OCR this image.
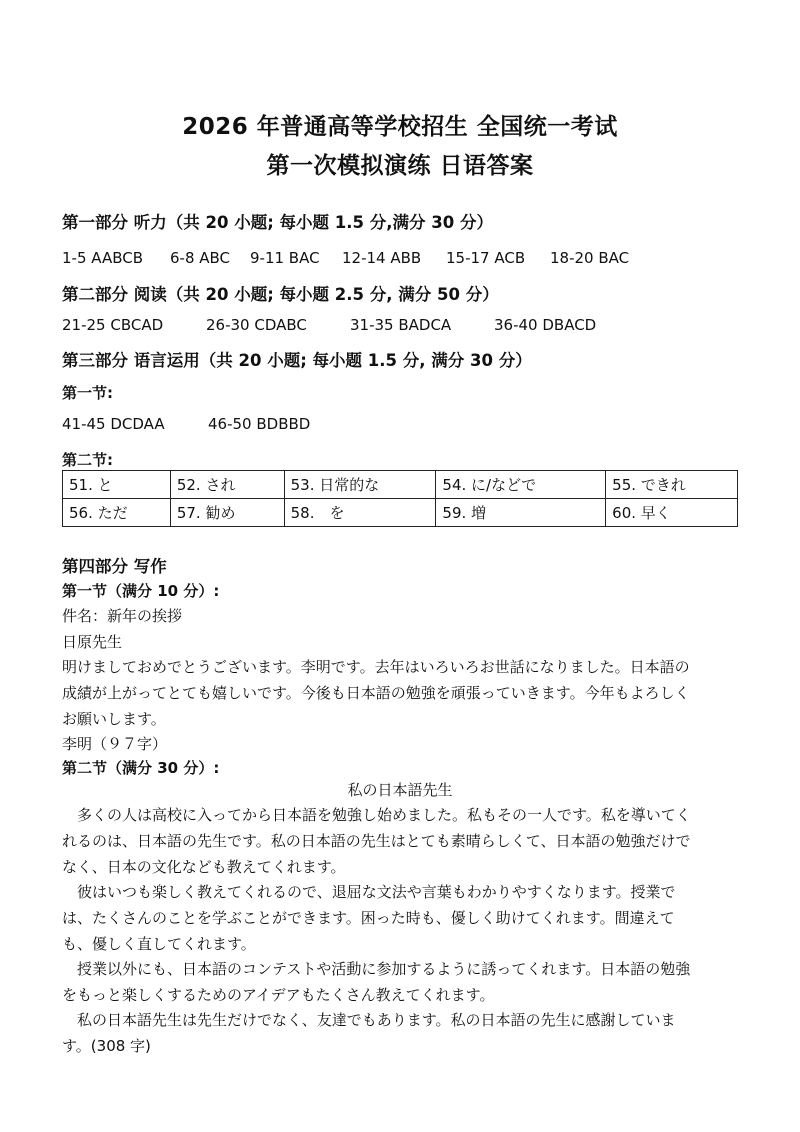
2026 年普通高等学校招生 全国统一考试
第一次模拟演练 日语答案
第一部分 听力（共 20 小题; 每小题 1.5 分,满分 30 分）
1-5 AABCB 6-8 ABC 9-11 BAC 12-14 ABB 15-17 ACB 18-20 BAC
第二部分 阅读（共 20 小题; 每小题 2.5 分, 满分 50 分）
21-25 CBCAD	26-30 CDABC	31-35 BADCA	36-40 DBACD
第三部分 语言运用（共 20 小题; 每小题 1.5 分, 满分 30 分）
第一节:
41-45 DCDAA	46-50 BDBBD
第二节:
51. と	52. され	53. 日常的な	54. に/などで	55. できれ
56. ただ	57. 勧め	58.　を	59. 増	60. 早く
第四部分 写作
第一节（满分 10 分）:
件名：新年の挨拶
日原先生
明けましておめでとうございます。李明です。去年はいろいろお世話になりました。日本語の
成績が上がってとても嬉しいです。今後も日本語の勉強を頑張っていきます。今年もよろしく
お願いします。
李明（９７字）
第二节（满分 30 分）:
私の日本語先生
多くの人は高校に入ってから日本語を勉強し始めました。私もその一人です。私を導いてく
れるのは、日本語の先生です。私の日本語の先生はとても素晴らしくて、日本語の勉強だけで
なく、日本の文化なども教えてくれます。
彼はいつも楽しく教えてくれるので、退屈な文法や言葉もわかりやすくなります。授業で
は、たくさんのことを学ぶことができます。困った時も、優しく助けてくれます。間違えて
も、優しく直してくれます。
授業以外にも、日本語のコンテストや活動に参加するように誘ってくれます。日本語の勉強
をもっと楽しくするためのアイデアもたくさん教えてくれます。
私の日本語先生は先生だけでなく、友達でもあります。私の日本語の先生に感謝していま
す。(308 字)
